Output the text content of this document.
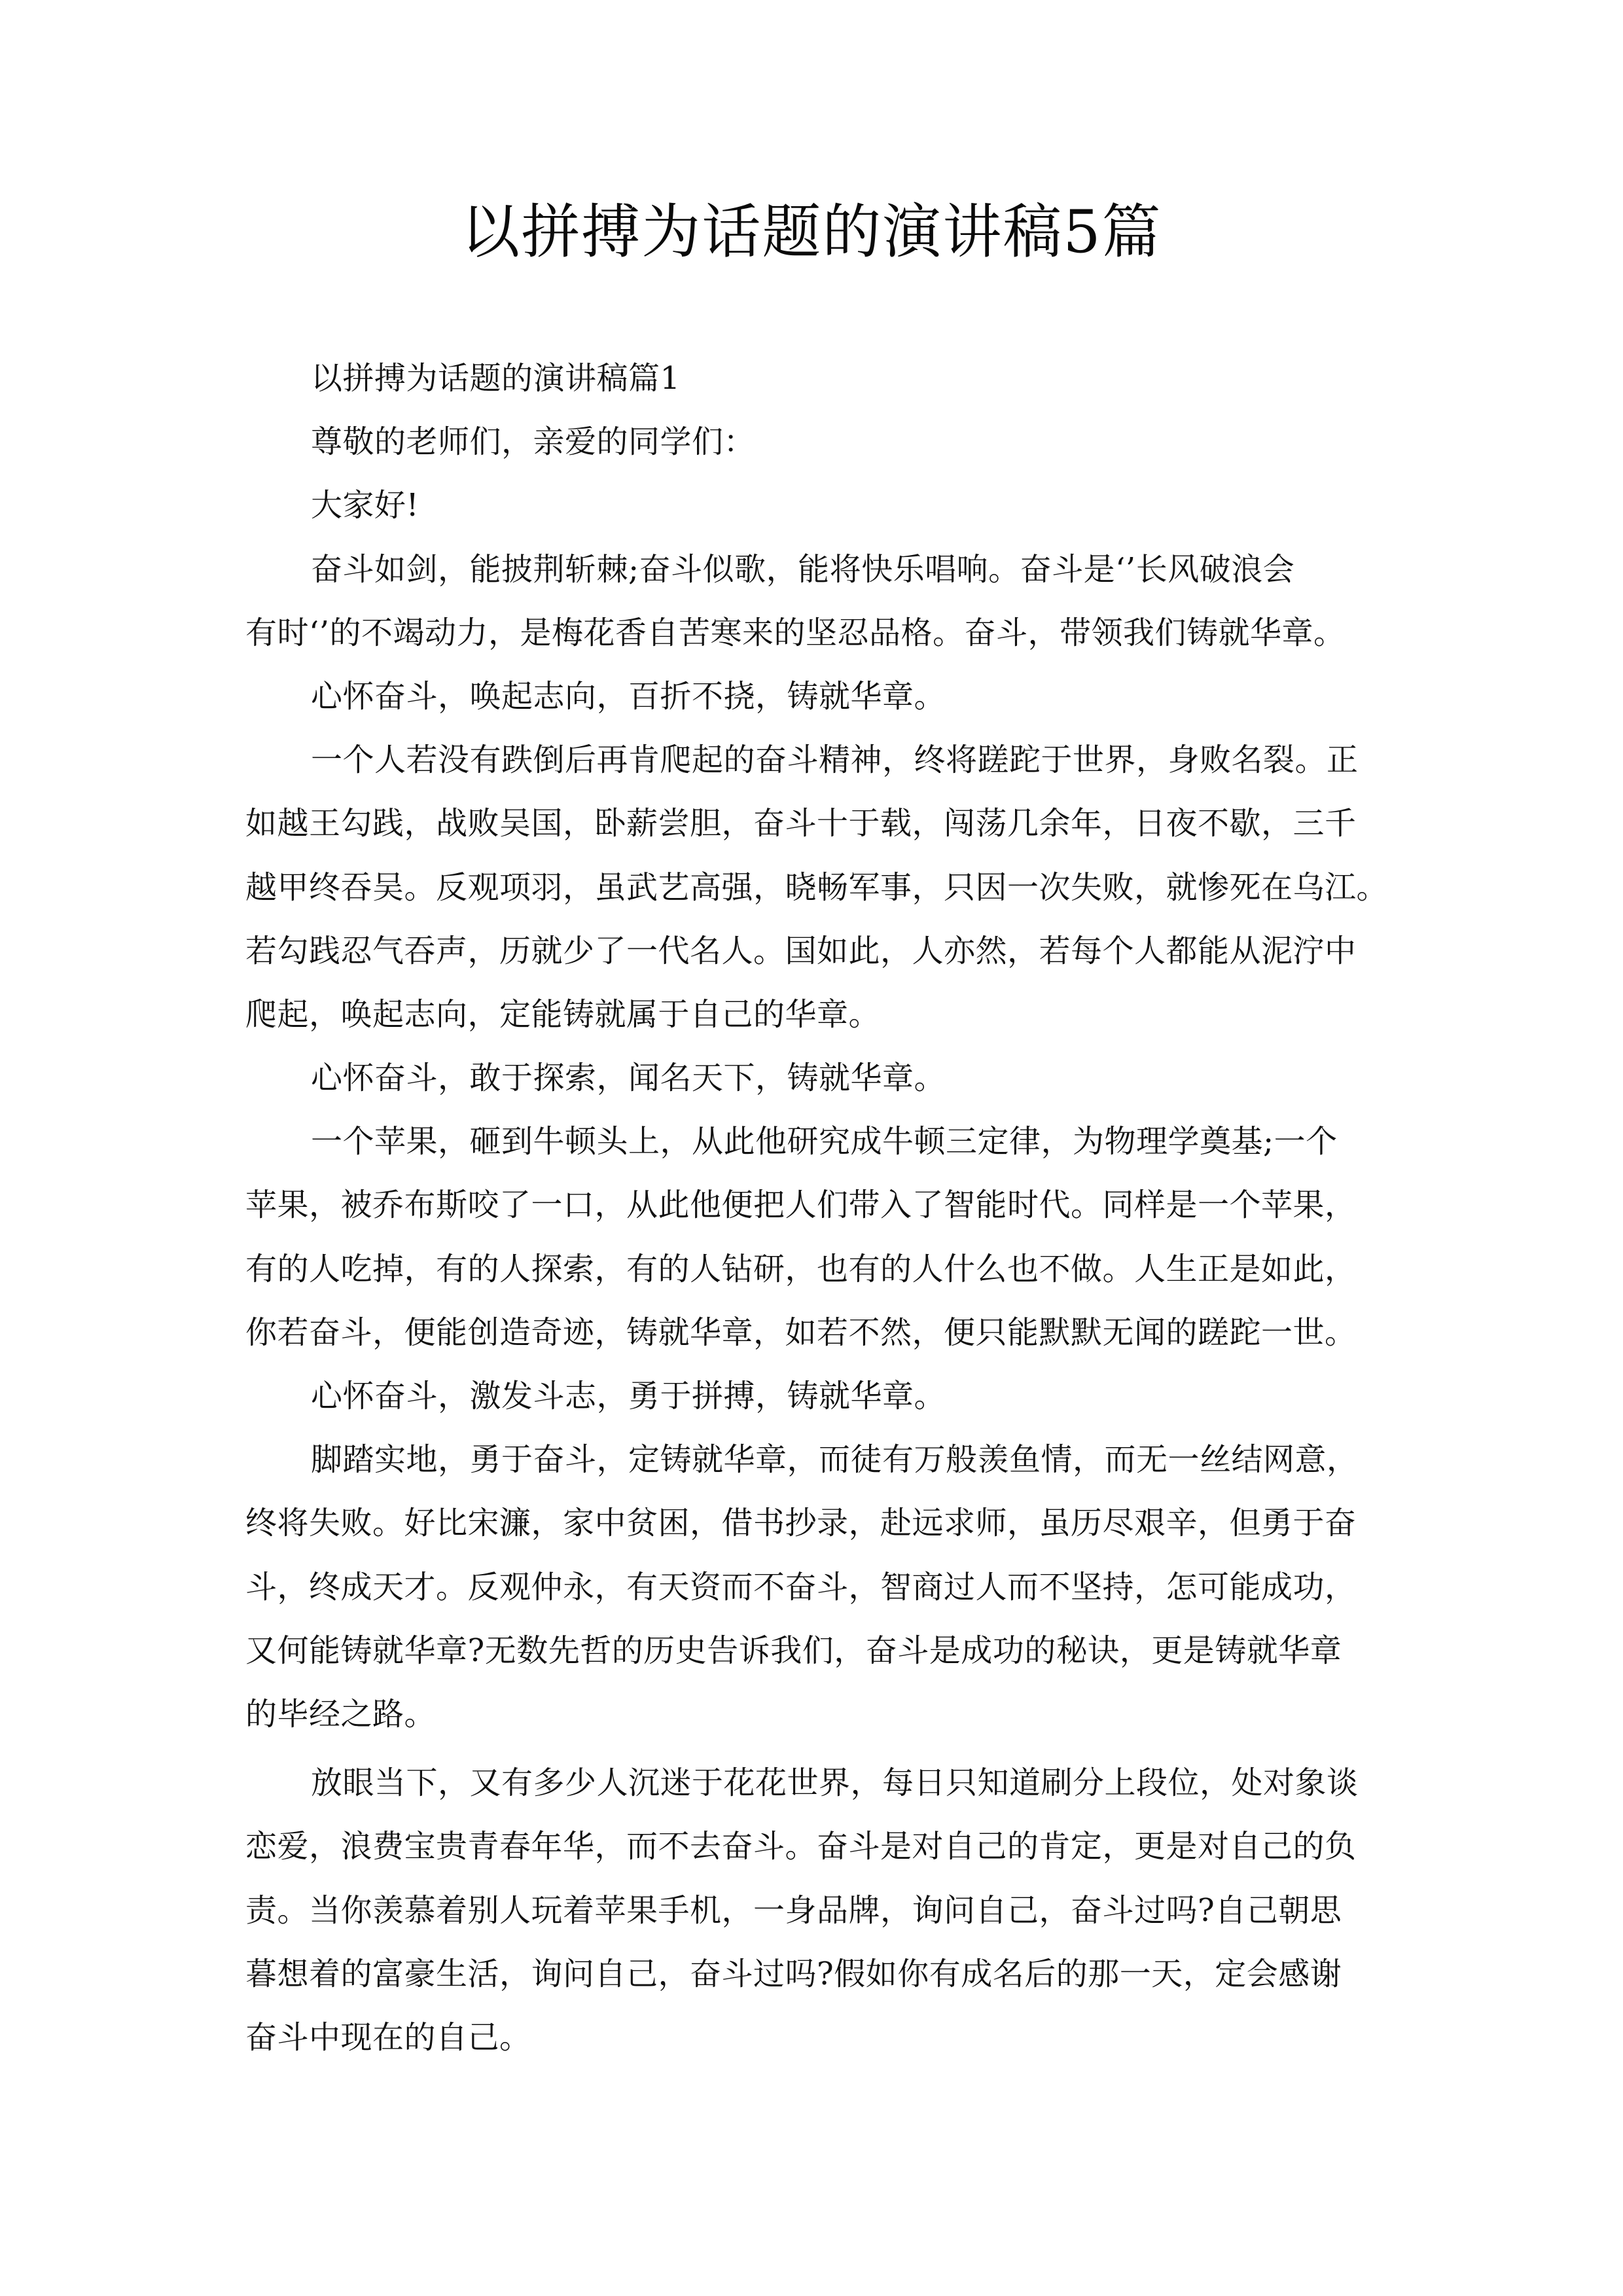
以拼搏为话题的演讲稿5篇
以拼搏为话题的演讲稿篇1
尊敬的老师们，亲爱的同学们：
大家好!
奋斗如剑，能披荆斩棘;奋斗似歌，能将快乐唱响。奋斗是‘’长风破浪会
有时‘’的不竭动力，是梅花香自苦寒来的坚忍品格。奋斗，带领我们铸就华章。
心怀奋斗，唤起志向，百折不挠，铸就华章。
一个人若没有跌倒后再肯爬起的奋斗精神，终将蹉跎于世界，身败名裂。正
如越王勾践，战败吴国，卧薪尝胆，奋斗十于载，闯荡几余年，日夜不歇，三千
越甲终吞吴。反观项羽，虽武艺高强，晓畅军事，只因一次失败，就惨死在乌江。
若勾践忍气吞声，历就少了一代名人。国如此，人亦然，若每个人都能从泥泞中
爬起，唤起志向，定能铸就属于自己的华章。
心怀奋斗，敢于探索，闻名天下，铸就华章。
一个苹果，砸到牛顿头上，从此他研究成牛顿三定律，为物理学奠基;一个
苹果，被乔布斯咬了一口，从此他便把人们带入了智能时代。同样是一个苹果，
有的人吃掉，有的人探索，有的人钻研，也有的人什么也不做。人生正是如此，
你若奋斗，便能创造奇迹，铸就华章，如若不然，便只能默默无闻的蹉跎一世。
心怀奋斗，激发斗志，勇于拼搏，铸就华章。
脚踏实地，勇于奋斗，定铸就华章，而徒有万般羡鱼情，而无一丝结网意，
终将失败。好比宋濂，家中贫困，借书抄录，赴远求师，虽历尽艰辛，但勇于奋
斗，终成天才。反观仲永，有天资而不奋斗，智商过人而不坚持，怎可能成功，
又何能铸就华章?无数先哲的历史告诉我们，奋斗是成功的秘诀，更是铸就华章
的毕经之路。
放眼当下，又有多少人沉迷于花花世界，每日只知道刷分上段位，处对象谈
恋爱，浪费宝贵青春年华，而不去奋斗。奋斗是对自己的肯定，更是对自己的负
责。当你羡慕着别人玩着苹果手机，一身品牌，询问自己，奋斗过吗?自己朝思
暮想着的富豪生活，询问自己，奋斗过吗?假如你有成名后的那一天，定会感谢
奋斗中现在的自己。
